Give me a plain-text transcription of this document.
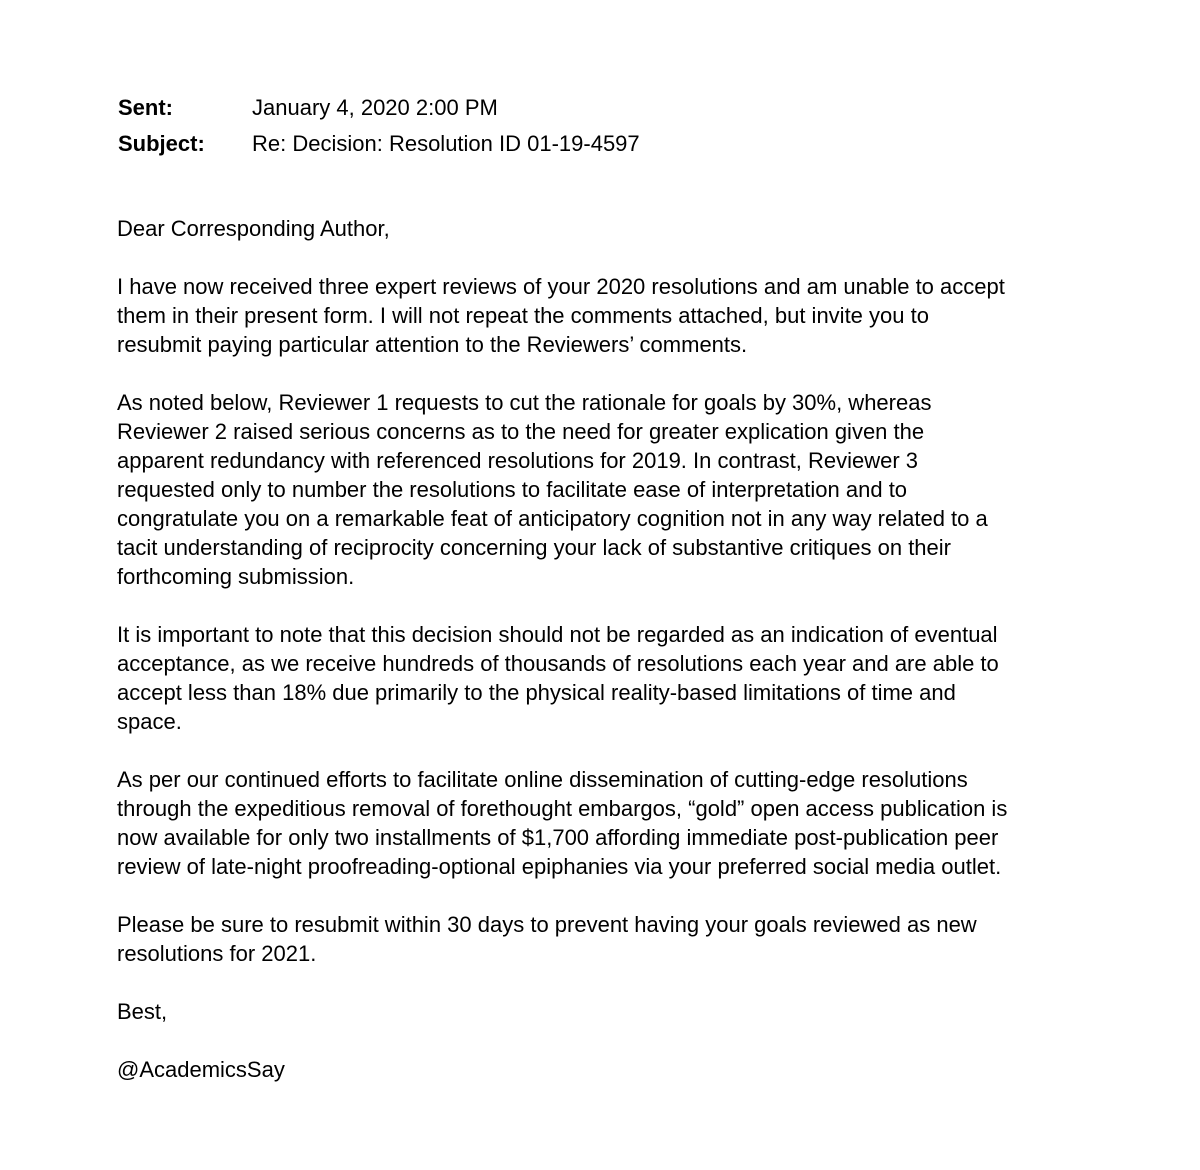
Sent:	January 4, 2020 2:00 PM
Subject:	Re: Decision: Resolution ID 01-19-4597

Dear Corresponding Author,

I have now received three expert reviews of your 2020 resolutions and am unable to accept
them in their present form. I will not repeat the comments attached, but invite you to
resubmit paying particular attention to the Reviewers’ comments.

As noted below, Reviewer 1 requests to cut the rationale for goals by 30%, whereas
Reviewer 2 raised serious concerns as to the need for greater explication given the
apparent redundancy with referenced resolutions for 2019. In contrast, Reviewer 3
requested only to number the resolutions to facilitate ease of interpretation and to
congratulate you on a remarkable feat of anticipatory cognition not in any way related to a
tacit understanding of reciprocity concerning your lack of substantive critiques on their
forthcoming submission.

It is important to note that this decision should not be regarded as an indication of eventual
acceptance, as we receive hundreds of thousands of resolutions each year and are able to
accept less than 18% due primarily to the physical reality-based limitations of time and
space.

As per our continued efforts to facilitate online dissemination of cutting-edge resolutions
through the expeditious removal of forethought embargos, “gold” open access publication is
now available for only two installments of $1,700 affording immediate post-publication peer
review of late-night proofreading-optional epiphanies via your preferred social media outlet.

Please be sure to resubmit within 30 days to prevent having your goals reviewed as new
resolutions for 2021.

Best,

@AcademicsSay
